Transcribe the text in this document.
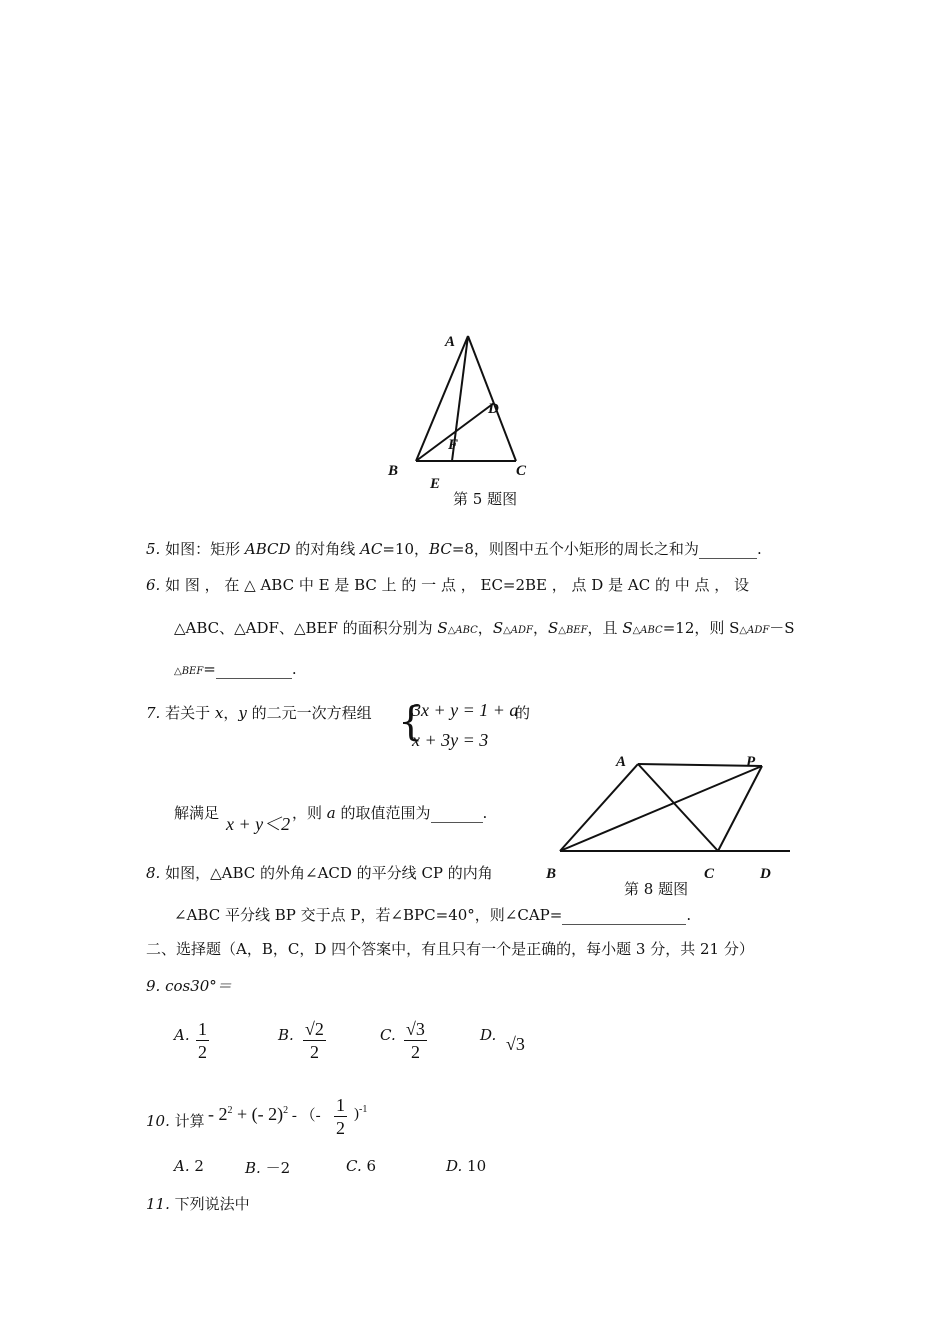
A
D
F
B	C
E
第 5 题图
5. 如图：矩形 ABCD 的对角线 AC=10，BC=8，则图中五个小矩形的周长之和为	.
6. 如 图 ， 在 △ ABC 中 E 是 BC 上 的 一 点 ， EC=2BE ， 点 D 是 AC 的 中 点 ， 设
△ABC、△ADF、△BEF 的面积分别为 S△ABC，S△ADF，S△BEF，且 S△ABC=12，则 S△ADF－S
△BEF=	.
7. 若关于 x，y 的二元一次方程组 {
3x + y = 1 + a
x + 3y = 3
的
解满足
x + y＜2
，则 a 的取值范围为	.
A	P
B	C	D
第 8 题图
8. 如图，△ABC 的外角∠ACD 的平分线 CP 的内角
∠ABC 平分线 BP 交于点 P，若∠BPC=40°，则∠CAP=	.
二、选择题（A，B，C，D 四个答案中，有且只有一个是正确的，每小题 3 分，共 21 分）
9. cos30°＝
A. $\frac{1}{2}$	B. $\frac{√2}{2}$	C. $\frac{√3}{2}$	D. √3
10. 计算 - $2^2$ + (- 2)$^2$ - （- $\frac{1}{2} )^{-1}$
A. 2	B. －2	C. 6	D. 10
11. 下列说法中
